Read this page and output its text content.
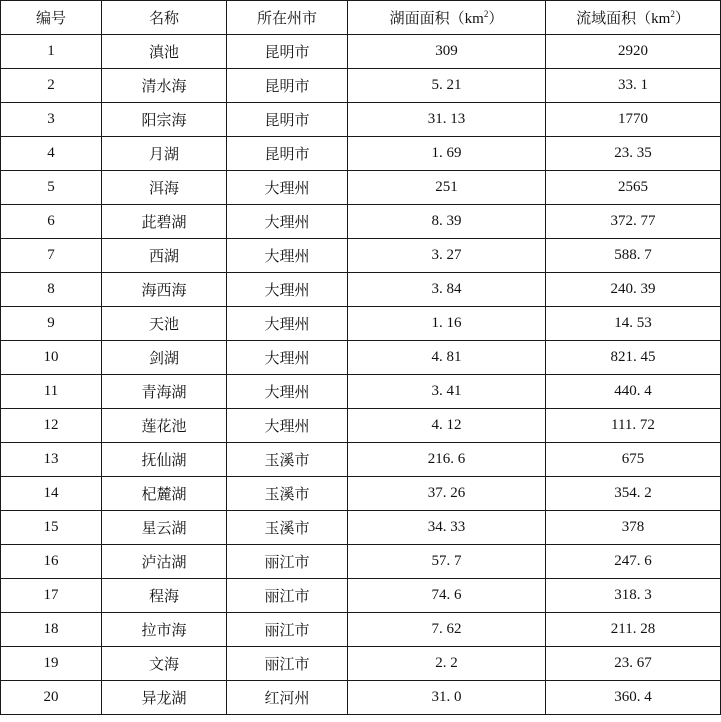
编号	名称	所在州市	湖面面积$(km^2)$	流域面积$(km^2)$
1	滇池	昆明市	309	2920
2	清水海	昆明市	5. 21	33. 1
3	阳宗海	昆明市	31. 13	1770
4	月湖	昆明市	1. 69	23. 35
5	洱海	大理州	251	2565
6	茈碧湖	大理州	8. 39	372. 77
7	西湖	大理州	3. 27	588. 7
8	海西海	大理州	3. 84	240. 39
9	天池	大理州	1. 16	14. 53
10	剑湖	大理州	4. 81	821. 45
11	青海湖	大理州	3. 41	440. 4
12	莲花池	大理州	4. 12	111. 72
13	抚仙湖	玉溪市	216. 6	675
14	杞麓湖	玉溪市	37. 26	354. 2
15	星云湖	玉溪市	34. 33	378
16	泸沽湖	丽江市	57. 7	247. 6
17	程海	丽江市	74. 6	318. 3
18	拉市海	丽江市	7. 62	211. 28
19	文海	丽江市	2. 2	23. 67
20	异龙湖	红河州	31. 0	360. 4
